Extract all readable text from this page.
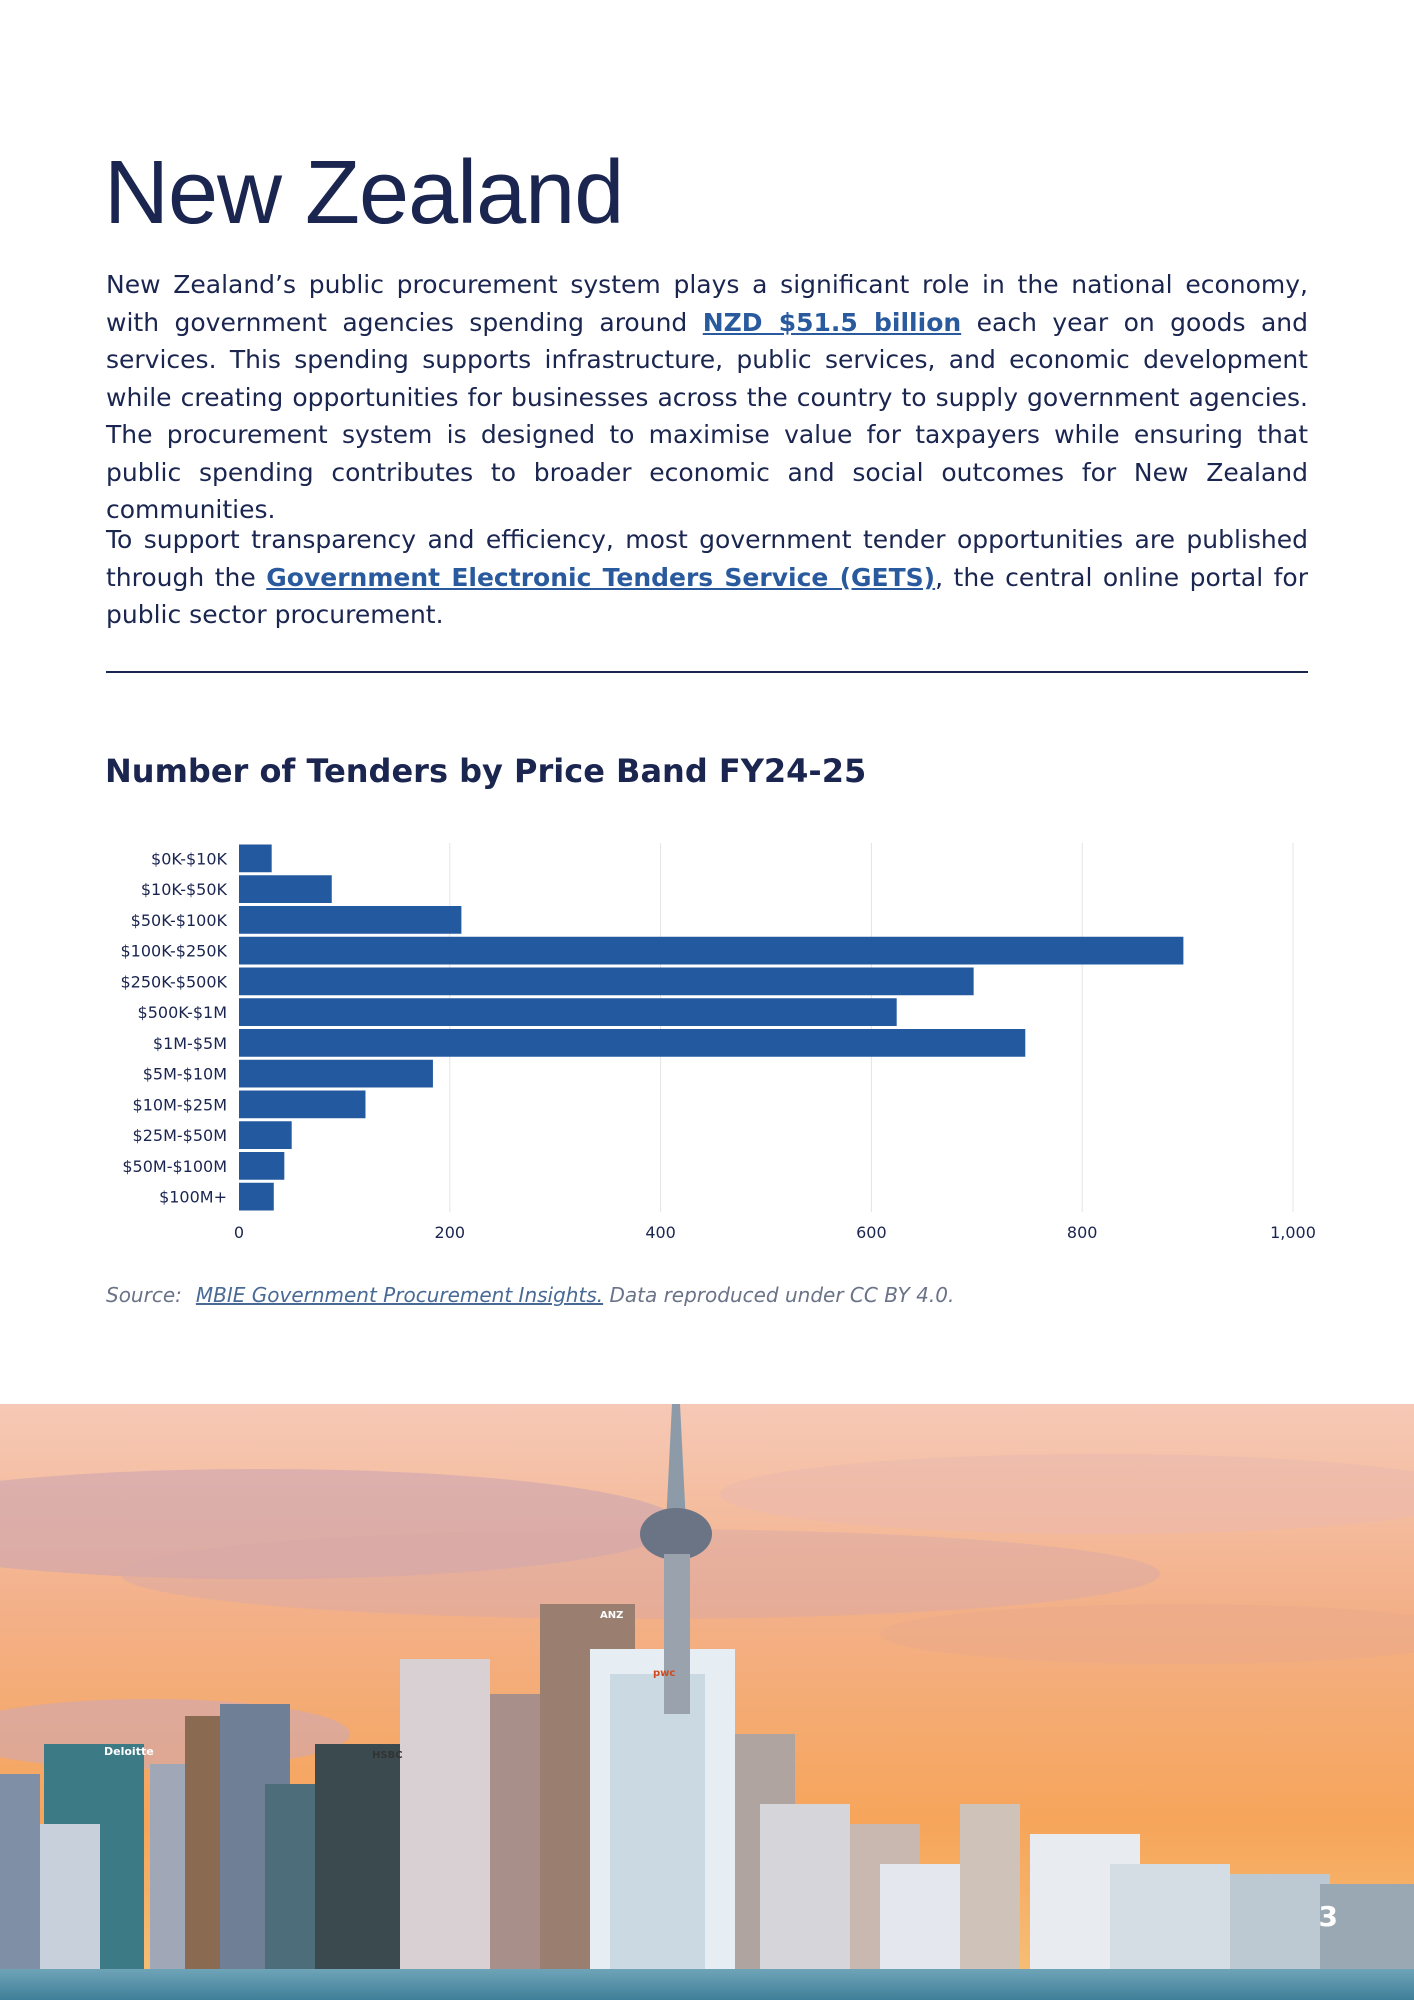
New Zealand

New Zealand’s public procurement system plays a significant role in the national economy, with government agencies spending around NZD $51.5 billion each year on goods and services. This spending supports infrastructure, public services, and economic development while creating opportunities for businesses across the country to supply government agencies. The procurement system is designed to maximise value for taxpayers while ensuring that public spending contributes to broader economic and social outcomes for New Zealand communities.

To support transparency and efficiency, most government tender opportunities are published through the Government Electronic Tenders Service (GETS), the central online portal for public sector procurement.

Number of Tenders by Price Band FY24-25
0	200	400	600	800	1,000
$0K-$10K
$10K-$50K
$50K-$100K
$100K-$250K
$250K-$500K
$500K-$1M
$1M-$5M
$5M-$10M
$10M-$25M
$25M-$50M
$50M-$100M
$100M+

Source: MBIE Government Procurement Insights. Data reproduced under CC BY 4.0.

Deloitte	HSBC
ANZ
pwc
3
